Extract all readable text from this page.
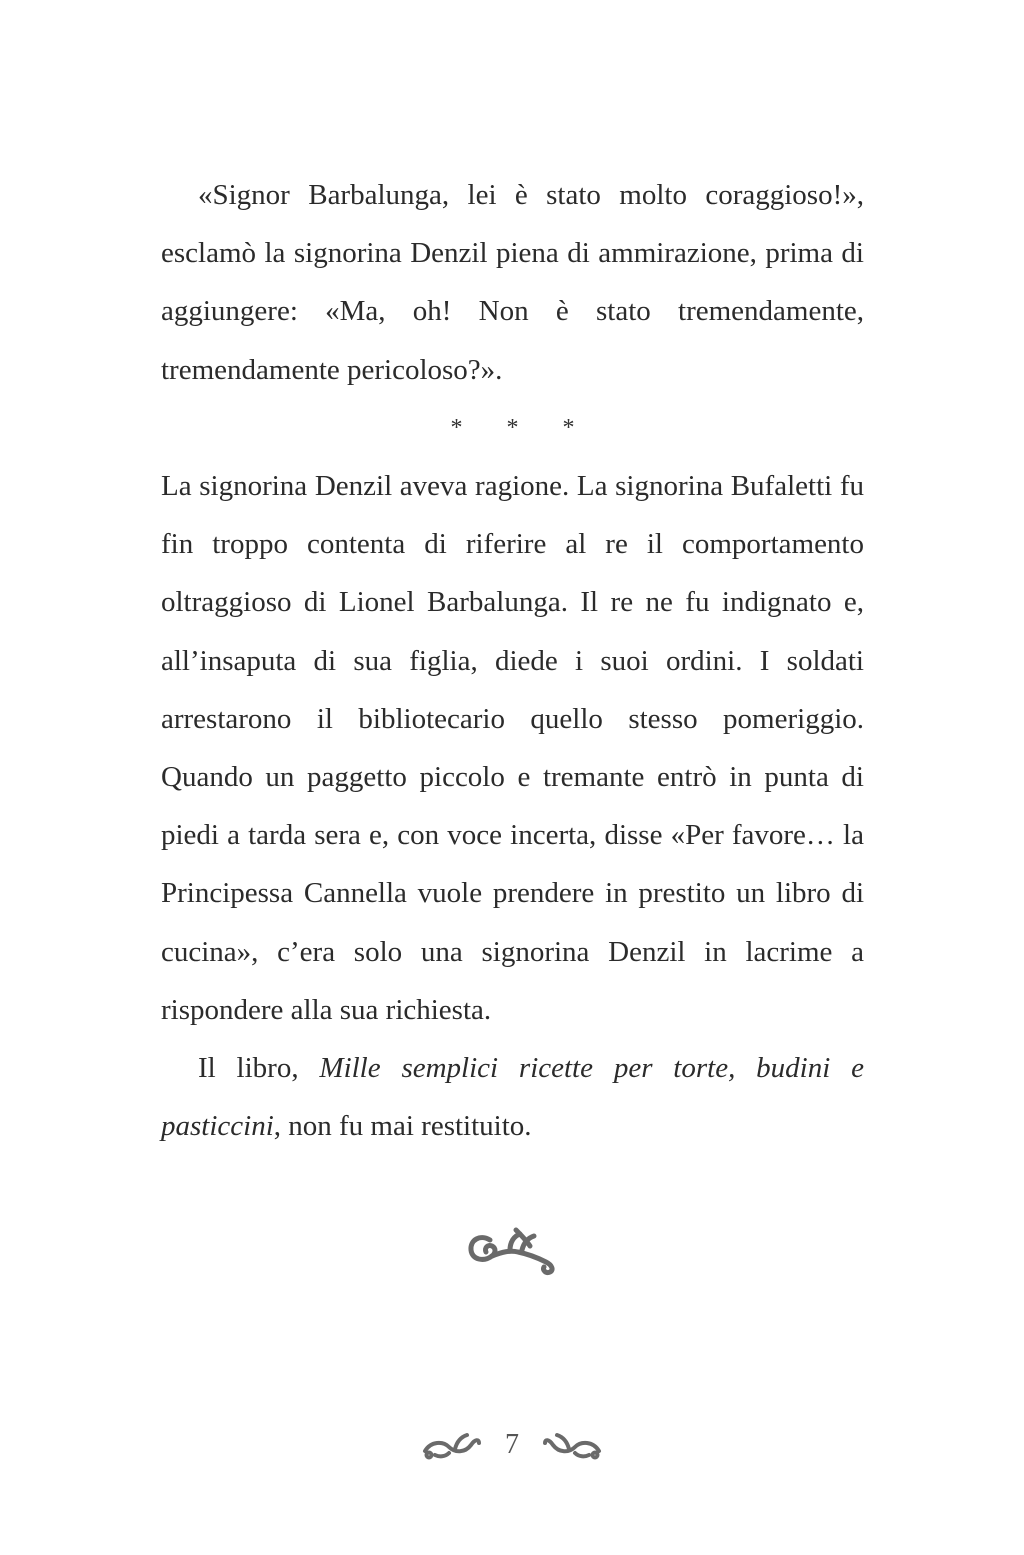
«Signor Barbalunga, lei è stato molto coraggioso!», esclamò la signorina Denzil piena di ammirazione, prima di aggiungere: «Ma, oh! Non è stato tremendamente, tremendamente pericoloso?».

* * *

La signorina Denzil aveva ragione. La signorina Bufaletti fu fin troppo contenta di riferire al re il comportamento oltraggioso di Lionel Barbalunga. Il re ne fu indignato e, all’insaputa di sua figlia, diede i suoi ordini. I soldati arrestarono il bibliotecario quello stesso pomeriggio. Quando un paggetto piccolo e tremante entrò in punta di piedi a tarda sera e, con voce incerta, disse «Per favore… la Principessa Cannella vuole prendere in prestito un libro di cucina», c’era solo una signorina Denzil in lacrime a rispondere alla sua richiesta.

Il libro, Mille semplici ricette per torte, budini e pasticcini, non fu mai restituito.

7
